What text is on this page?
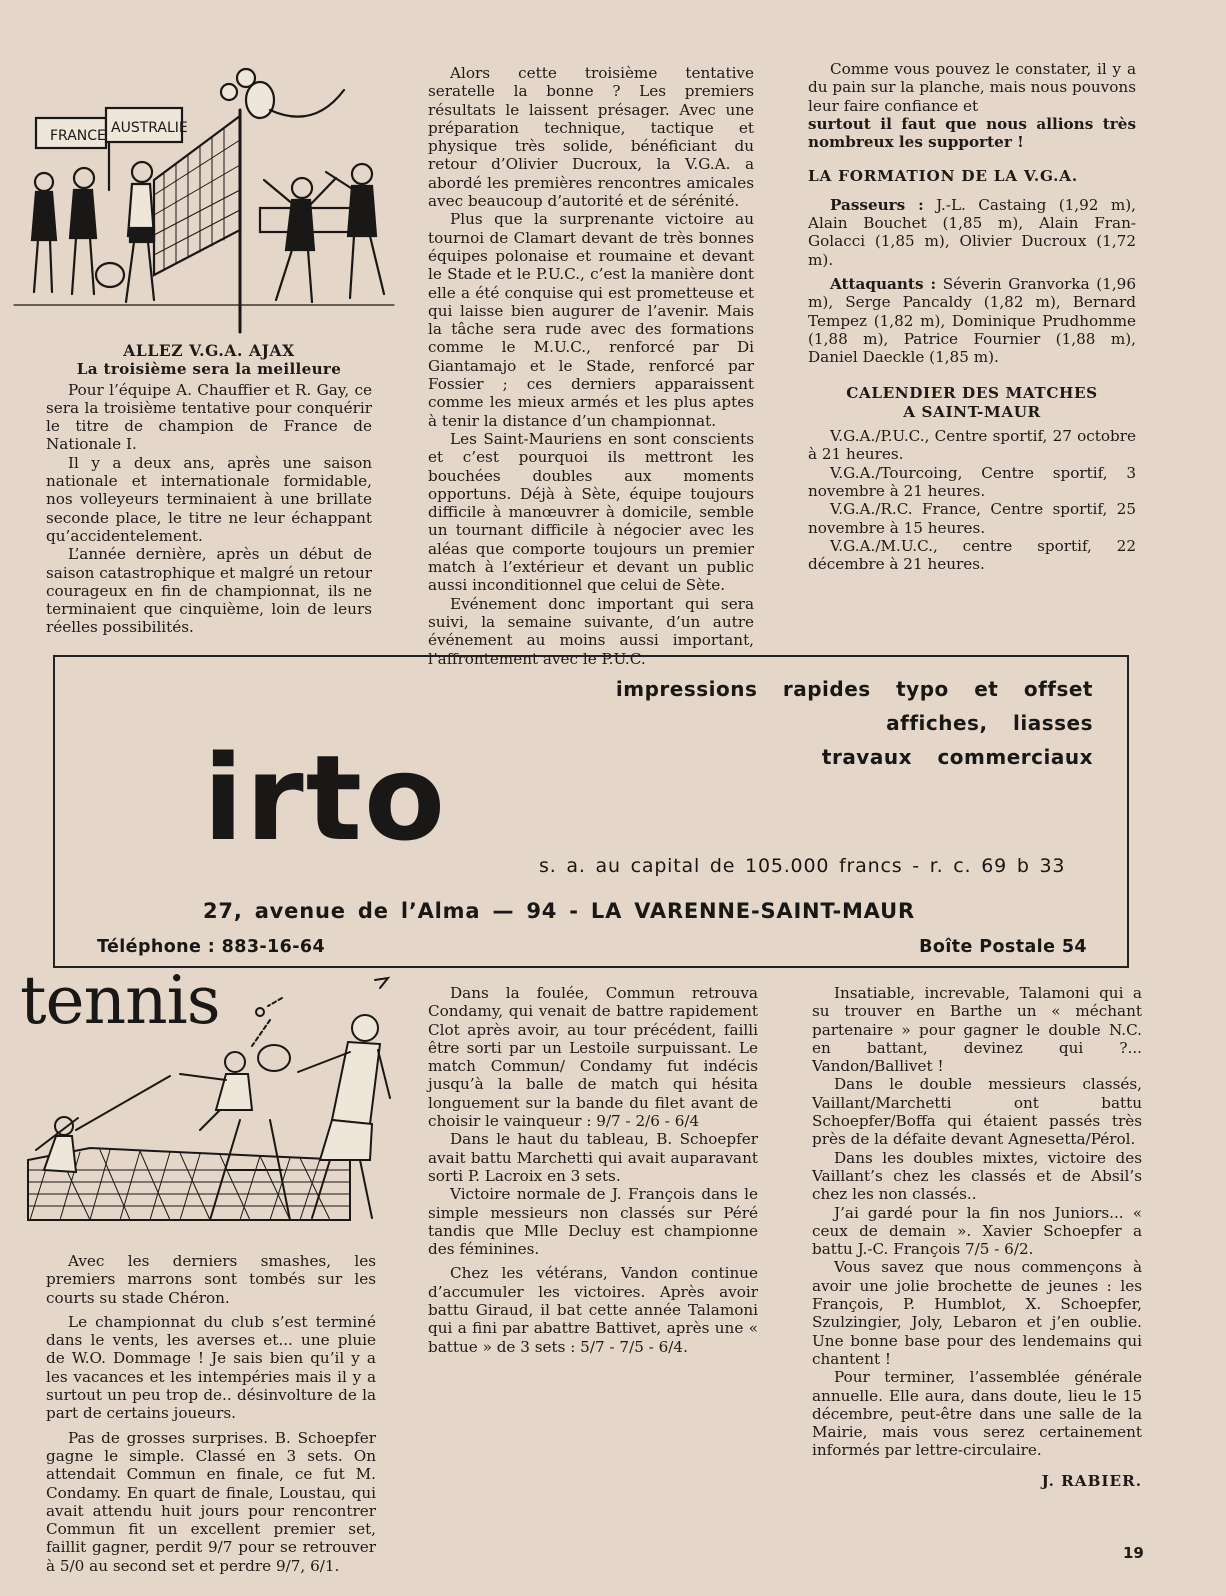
FRANCE AUSTRALIE

ALLEZ V.G.A. AJAX

La troisième sera la meilleure

Pour l’équipe A. Chauffier et R. Gay, ce sera la troisième tentative pour conquérir le titre de champion de France de Nationale I.

Il y a deux ans, après une saison nationale et internationale formidable, nos volleyeurs terminaient à une brillate seconde place, le titre ne leur échappant qu’accidentelement.

L’année dernière, après un début de saison catastrophique et malgré un retour courageux en fin de championnat, ils ne terminaient que cinquième, loin de leurs réelles possibilités.

Alors cette troisième tentative seratelle la bonne ? Les premiers résultats le laissent présager. Avec une préparation technique, tactique et physique très solide, bénéficiant du retour d’Olivier Ducroux, la V.G.A. a abordé les premières rencontres amicales avec beaucoup d’autorité et de sérénité.

Plus que la surprenante victoire au tournoi de Clamart devant de très bonnes équipes polonaise et roumaine et devant le Stade et le P.U.C., c’est la manière dont elle a été conquise qui est prometteuse et qui laisse bien augurer de l’avenir. Mais la tâche sera rude avec des formations comme le M.U.C., renforcé par Di Giantamajo et le Stade, renforcé par Fossier ; ces derniers apparaissent comme les mieux armés et les plus aptes à tenir la distance d’un championnat.

Les Saint-Mauriens en sont conscients et c’est pourquoi ils mettront les bouchées doubles aux moments opportuns. Déjà à Sète, équipe toujours difficile à manœuvrer à domicile, semble un tournant difficile à négocier avec les aléas que comporte toujours un premier match à l’extérieur et devant un public aussi inconditionnel que celui de Sète.

Evénement donc important qui sera suivi, la semaine suivante, d’un autre événement au moins aussi important, l’affrontement avec le P.U.C.

Comme vous pouvez le constater, il y a du pain sur la planche, mais nous pouvons leur faire confiance et

surtout il faut que nous allions très nombreux les supporter !

LA FORMATION DE LA V.G.A.

Passeurs : J.-L. Castaing (1,92 m), Alain Bouchet (1,85 m), Alain Fran-Golacci (1,85 m), Olivier Ducroux (1,72 m).

Attaquants : Séverin Granvorka (1,96 m), Serge Pancaldy (1,82 m), Bernard Tempez (1,82 m), Dominique Prudhomme (1,88 m), Patrice Fournier (1,88 m), Daniel Daeckle (1,85 m).

CALENDIER DES MATCHES

A SAINT-MAUR

V.G.A./P.U.C., Centre sportif, 27 octobre à 21 heures.

V.G.A./Tourcoing, Centre sportif, 3 novembre à 21 heures.

V.G.A./R.C. France, Centre sportif, 25 novembre à 15 heures.

V.G.A./M.U.C., centre sportif, 22 décembre à 21 heures.

impressions rapides typo et offset
affiches, liasses
travaux commerciaux
irto	s. a. au capital de 105.000 francs - r. c. 69 b 33
27, avenue de l’Alma — 94 - LA VARENNE-SAINT-MAUR
Téléphone : 883-16-64	Boîte Postale 54
tennis

Avec les derniers smashes, les premiers marrons sont tombés sur les courts su stade Chéron.

Le championnat du club s’est terminé dans le vents, les averses et... une pluie de W.O. Dommage ! Je sais bien qu’il y a les vacances et les intempéries mais il y a surtout un peu trop de.. désinvolture de la part de certains joueurs.

Pas de grosses surprises. B. Schoepfer gagne le simple. Classé en 3 sets. On attendait Commun en finale, ce fut M. Condamy. En quart de finale, Loustau, qui avait attendu huit jours pour rencontrer Commun fit un excellent premier set, faillit gagner, perdit 9/7 pour se retrouver à 5/0 au second set et perdre 9/7, 6/1.

Dans la foulée, Commun retrouva Condamy, qui venait de battre rapidement Clot après avoir, au tour précédent, failli être sorti par un Lestoile surpuissant. Le match Commun/ Condamy fut indécis jusqu’à la balle de match qui hésita longuement sur la bande du filet avant de choisir le vainqueur : 9/7 - 2/6 - 6/4

Dans le haut du tableau, B. Schoepfer avait battu Marchetti qui avait auparavant sorti P. Lacroix en 3 sets.

Victoire normale de J. François dans le simple messieurs non classés sur Péré tandis que Mlle Decluy est championne des féminines.

Chez les vétérans, Vandon continue d’accumuler les victoires. Après avoir battu Giraud, il bat cette année Talamoni qui a fini par abattre Battivet, après une « battue » de 3 sets : 5/7 - 7/5 - 6/4.

Insatiable, increvable, Talamoni qui a su trouver en Barthe un « méchant partenaire » pour gagner le double N.C. en battant, devinez qui ?... Vandon/Ballivet !

Dans le double messieurs classés, Vaillant/Marchetti ont battu Schoepfer/Boffa qui étaient passés très près de la défaite devant Agnesetta/Pérol.

Dans les doubles mixtes, victoire des Vaillant’s chez les classés et de Absil’s chez les non classés..

J’ai gardé pour la fin nos Juniors... « ceux de demain ». Xavier Schoepfer a battu J.-C. François 7/5 - 6/2.

Vous savez que nous commençons à avoir une jolie brochette de jeunes : les François, P. Humblot, X. Schoepfer, Szulzingier, Joly, Lebaron et j’en oublie. Une bonne base pour des lendemains qui chantent !

Pour terminer, l’assemblée générale annuelle. Elle aura, dans doute, lieu le 15 décembre, peut-être dans une salle de la Mairie, mais vous serez certainement informés par lettre-circulaire.

J. RABIER.

19
